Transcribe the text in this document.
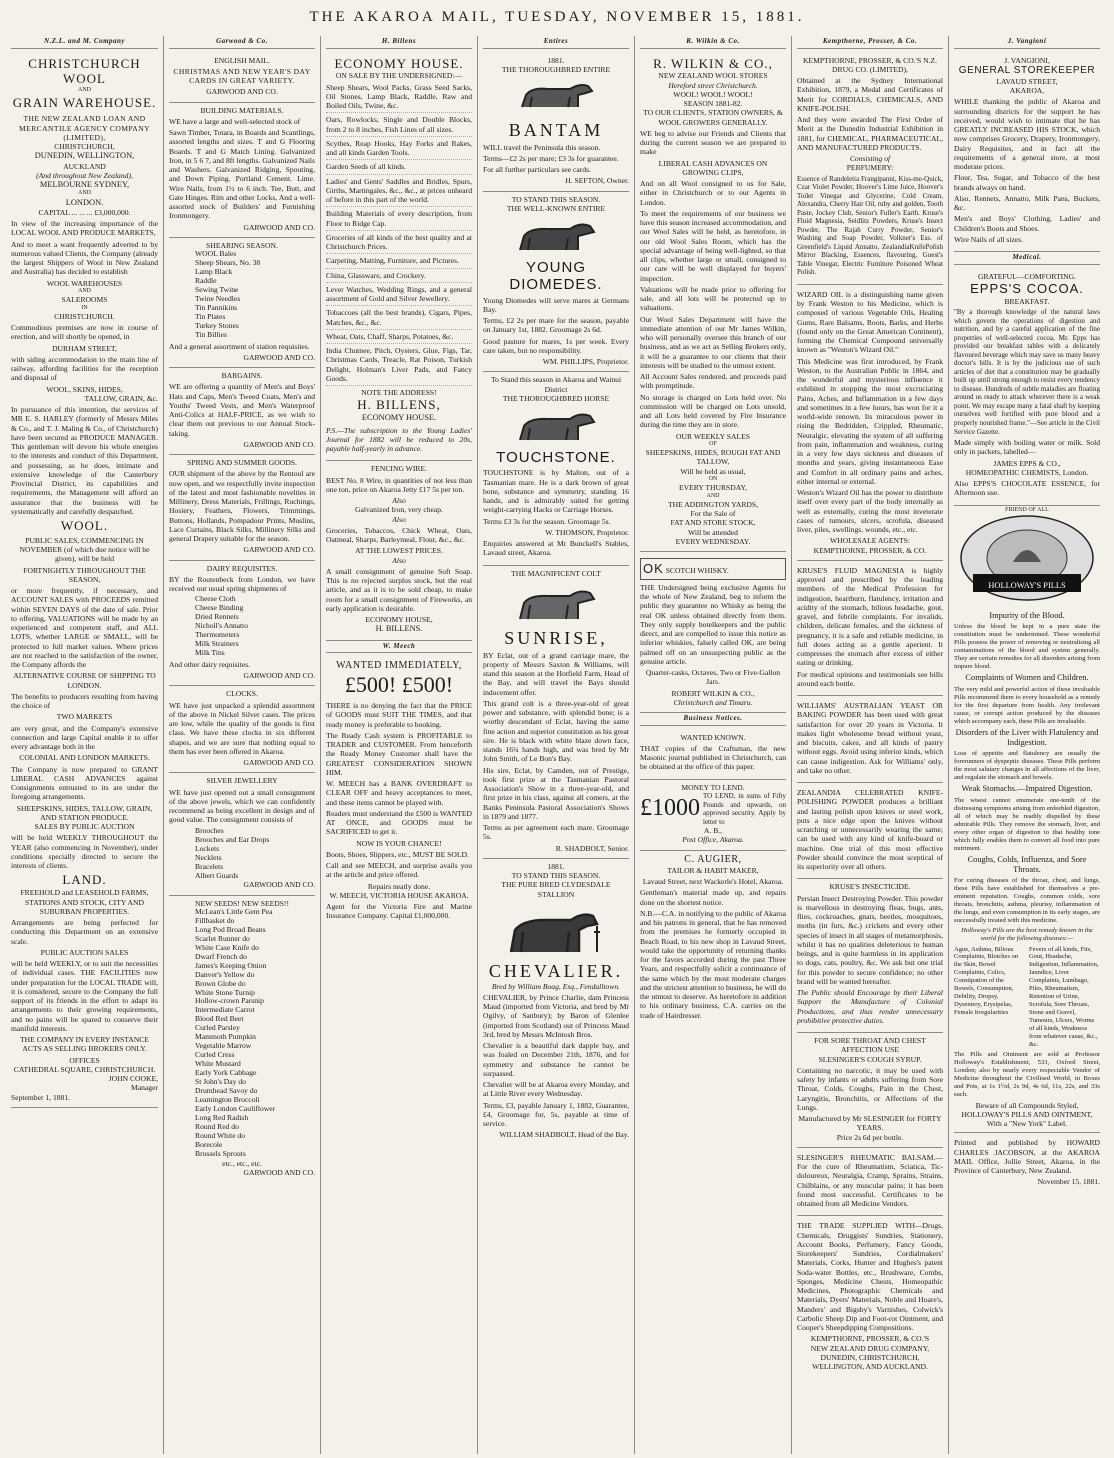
THE AKAROA MAIL, TUESDAY, NOVEMBER 15, 1881.
N.Z.L. and M. Company
CHRISTCHURCH WOOL
AND
GRAIN WAREHOUSE.
THE NEW ZEALAND LOAN AND MERCANTILE AGENCY COMPANY (LIMITED),
CHRISTCHURCH,
DUNEDIN, WELLINGTON,
AUCKLAND
(And throughout New Zealand),
MELBOURNE SYDNEY,
AND
LONDON.
CAPITAL ... ... ... £3,000,000.

In view of the increasing importance of the LOCAL WOOL AND PRODUCE MARKETS,

And to meet a want frequently adverted to by numerous valued Clients, the Company (already the largest Shippers of Wool in New Zealand and Australia) has decided to establish

WOOL WAREHOUSES
AND
SALEROOMS
IN
CHRISTCHURCH.

Commodious premises are now in course of erection, and will shortly be opened, in

DURHAM STREET,

with siding accommodation to the main line of railway, affording facilities for the reception and disposal of

WOOL, SKINS, HIDES,
TALLOW, GRAIN, &c.

In pursuance of this intention, the services of MR E. S. HARLEY (formerly of Messrs Miles & Co., and T. J. Maling & Co., of Christchurch) have been secured as PRODUCE MANAGER. This gentleman will devote his whole energies to the interests and conduct of this Department, and possessing, as he does, intimate and extensive knowledge of the Canterbury Provincial District, its capabilities and requirements, the Management will afford an assurance that the business will be systematically and carefully despatched.

WOOL.

PUBLIC SALES, COMMENCING IN NOVEMBER (of which due notice will be given), will be held

FORTNIGHTLY THROUGHOUT THE SEASON,

or more frequently, if necessary, and ACCOUNT SALES with PROCEEDS remitted within SEVEN DAYS of the date of sale. Prior to offering, VALUATIONS will be made by an experienced and competent staff, and ALL LOTS, whether LARGE or SMALL, will be protected to full market values. Where prices are not reached to the satisfaction of the owner, the Company affords the

ALTERNATIVE COURSE OF SHIPPING TO LONDON.

The benefits to producers resulting from having the choice of

TWO MARKETS

are very great, and the Company's extensive connection and large Capital enable it to offer every advantage both in the

COLONIAL AND LONDON MARKETS.

The Company is now prepared to GRANT LIBERAL CASH ADVANCES against Consignments entrusted to its are under the foregoing arrangements.

SHEEPSKINS, HIDES, TALLOW, GRAIN, AND STATION PRODUCE.
SALES BY PUBLIC AUCTION

will be held WEEKLY THROUGHOUT the YEAR (also commencing in November), under conditions specially directed to secure the interests of clients.

LAND.
FREEHOLD and LEASEHOLD FARMS, STATIONS AND STOCK, CITY AND SUBURBAN PROPERTIES.

Arrangements are being perfected for conducting this Department on an extensive scale.

PUBLIC AUCTION SALES

will be held WEEKLY, or to suit the necessities of individual cases. THE FACILITIES now under preparation for the LOCAL TRADE will, it is considered, secure to the Company the full support of its friends in the effort to adapt its arrangements to their growing requirements, and no pains will be spared to conserve their manifold interests.

THE COMPANY IN EVERY INSTANCE ACTS AS SELLING BROKERS ONLY.

OFFICES
CATHEDRAL SQUARE, CHRISTCHURCH.
JOHN COOKE,
Manager
September 1, 1881.
Garwood & Co.
ENGLISH MAIL.

CHRISTMAS AND NEW YEAR'S DAY CARDS IN GREAT VARIETY.

GARWOOD AND CO.
BUILDING MATERIALS.

WE have a large and well-selected stock of

Sawn Timber, Totara, in Boards and Scantlings, assorted lengths and sizes. T and G Flooring Boards. T and G Match Lining. Galvanized Iron, in 5 6 7, and 8ft lengths. Galvanized Nails and Washers. Galvanized Ridging, Spouting, and Down Piping. Portland Cement. Lime. Wire Nails, from 1½ to 6 inch. Tee, Butt, and Gate Hinges. Rim and other Locks, And a well-assorted stock of Builders' and Furnishing Ironmongery.

GARWOOD AND CO.
SHEARING SEASON.
WOOL Bales
Sheep Shears, No. 38
Lamp Black
Raddle
Sewing Twine
Twine Needles
Tin Pannikins
Tin Plates
Turkey Stones
Tin Billies

And a general assortment of station requisites.

GARWOOD AND CO.
BARGAINS.

WE are offering a quantity of Men's and Boys' Hats and Caps, Men's Tweed Coats, Men's and Youths' Tweed Vests, and Men's Waterproof Anti-Colics at HALF-PRICE, as we wish to clear them out previous to our Annual Stock-taking.

GARWOOD AND CO.
SPRING AND SUMMER GOODS.

OUR shipment of the above by the Rentoul are now open, and we respectfully invite inspection of the latest and most fashionable novelties in Millinery, Dress Materials, Frillings, Ruchings, Hosiery, Feathers, Flowers, Trimmings, Buttons, Hollands, Pompadour Prints, Muslins, Lace Curtains, Black Silks, Millinery Silks and general Drapery suitable for the season.

GARWOOD AND CO.
DAIRY REQUISITES.

BY the Routenbeck from London, we have received our usual spring shipments of

Cheese Cloth
Cheese Binding
Dried Rennets
Nicholl's Annatto
Thermometers
Milk Strainers
Milk Tins

And other dairy requisites.

GARWOOD AND CO.
CLOCKS.

WE have just unpacked a splendid assortment of the above in Nickel Silver cases. The prices are low, while the quality of the goods is first class. We have these clocks in six different shapes, and we are sure that nothing equal to them has ever been offered in Akaroa.

GARWOOD AND CO.
SILVER JEWELLERY

WE have just opened out a small consignment of the above jewels, which we can confidently recommend as being excellent in design and of good value. The consignment consists of

Brooches
Brooches and Ear Drops
Lockets
Necklets
Bracelets
Albert Guards
GARWOOD AND CO.
NEW SEEDS! NEW SEEDS!!
McLean's Little Gem Pea
Fillbasket do
Long Pod Broad Beans
Scarlet Runner do
White Case Knife do
Dwarf French do
James's Keeping Onion
Danver's Yellow do
Brown Globe do
White Stone Turnip
Hollow-crown Parsnip
Intermediate Carrot
Blood Red Beet
Curled Parsley
Mammoth Pumpkin
Vegetable Marrow
Curled Cress
White Mustard
Early York Cabbage
St John's Day do
Drumhead Savoy do
Leamington Broccoli
Early London Cauliflower
Long Red Radish
Round Red do
Round White do
Borecole
Brussels Sprouts
etc., etc., etc.
GARWOOD AND CO.
H. Billens
ECONOMY HOUSE.
ON SALE BY THE UNDERSIGNED:—

Sheep Shears, Wool Packs, Grass Seed Sacks, Oil Stones, Lamp Black, Raddle, Raw and Boiled Oils, Twine, &c.

Oars, Rowlocks, Single and Double Blocks, from 2 to 8 inches, Fish Lines of all sizes.

Scythes, Reap Hooks, Hay Forks and Rakes, and all kinds Garden Tools.

Garden Seeds of all kinds.

Ladies' and Gents' Saddles and Bridles, Spurs, Girths, Martingales, &c., &c., at prices unheard of before in this part of the world.

Building Materials of every description, from Floor to Ridge Cap.

Groceries of all kinds of the best quality and at Christchurch Prices.

Carpeting, Matting, Furniture, and Pictures.

China, Glassware, and Crockery.

Lever Watches, Wedding Rings, and a general assortment of Gold and Silver Jewellery.

Tobaccoes (all the best brands), Cigars, Pipes, Matches, &c., &c.

Wheat, Oats, Chaff, Sharps, Potatoes, &c.

India Chutnee, Pitch, Oysters, Glue, Figs, Tar, Christmas Cards, Treacle, Rat Poison, Turkish Delight, Holman's Liver Pads, and Fancy Goods.

NOTE THE ADDRESS!
H. BILLENS,
ECONOMY HOUSE.

P.S.—The subscription to the Young Ladies' Journal for 1882 will be reduced to 20s, payable half-yearly in advance.

FENCING WIRE.

BEST No. 8 Wire, in quantities of not less than one ton, price on Akaroa Jetty £17 5s per ton.

Also
Galvanized Iron, very cheap.
Also

Groceries, Tobaccos, Chick Wheat, Oats, Oatmeal, Sharps, Barleymeal, Flour, &c., &c.

AT THE LOWEST PRICES.
Also

A small consignment of genuine Soft Soap. This is no rejected surplus stock, but the real article, and as it is to be sold cheap, to make room for a small consignment of Fireworks, an early application is desirable.

ECONOMY HOUSE,
H. BILLENS.
W. Meech
WANTED IMMEDIATELY,
£500! £500!

THERE is no denying the fact that the PRICE of GOODS must SUIT THE TIMES, and that ready money is preferable to booking.

The Ready Cash system is PROFITABLE to TRADER and CUSTOMER. From henceforth the Ready Money Customer shall have the GREATEST CONSIDERATION SHOWN HIM.

W. MEECH has a BANK OVERDRAFT to CLEAR OFF and heavy acceptances to meet, and these items cannot be played with.

Readers must understand the £500 is WANTED AT ONCE, and GOODS must be SACRIFICED to get it.

NOW IS YOUR CHANCE!

Boots, Shoes, Slippers, etc., MUST BE SOLD.

Call and see MEECH, and surprise avails you at the article and price offered.

Repairs neatly done.
W. MEECH, VICTORIA HOUSE AKAROA.

Agent for the Victoria Fire and Marine Insurance Company. Capital £1,000,000.

Entires
1881.
THE THOROUGHBRED ENTIRE
BANTAM

WILL travel the Peninsula this season.

Terms—£2 2s per mare; £3 3s for guarantee.

For all further particulars see cards.

H. SEFTON, Owner.
TO STAND THIS SEASON.
THE WELL-KNOWN ENTIRE
YOUNG DIOMEDES.

Young Diomedes will serve mares at Germans Bay.

Terms, £2 2s per mare for the season, payable on January 1st, 1882. Groomage 2s 6d.

Good pasture for mares, 1s per week. Every care taken, but no responsibility.

WM. PHILLIPS, Proprietor.
To Stand this season in Akaroa and Wainui District
THE THOROUGHBRED HORSE
TOUCHSTONE.

TOUCHSTONE is by Malton, out of a Tasmanian mare. He is a dark brown of great bone, substance and symmetry, standing 16 hands, and is admirably suited for getting weight-carrying Hacks or Carriage Horses.

Terms £3 3s for the season. Groomage 5s.

W. THOMSON, Proprietor.

Enquiries answered at Mr Bunckell's Stables, Lavaud street, Akaroa.

THE MAGNIFICENT COLT
SUNRISE,

BY Eclat, out of a grand carriage mare, the property of Messrs Saxton & Williams, will stand this season at the Hotfield Farm, Head of the Bay, and will travel the Bays should inducement offer.

This grand colt is a three-year-old of great power and substance, with splendid bone; is a worthy descendant of Eclat, having the same fine action and superior constitution as his great sire. He is black with white blaze down face, stands 16¼ hands high, and was bred by Mr John Smith, of Le Bon's Bay.

His sire, Eclat, by Camden, out of Prestige, took first prize at the Tasmanian Pastoral Association's Show in a three-year-old, and first prize in his class, against all comers, at the Banks Peninsula Pastoral Association's Shows in 1879 and 1877.

Terms as per agreement each mare. Groomage 5s.

R. SHADBOLT, Senior.
1881.
TO STAND THIS SEASON.
THE PURE BRED CLYDESDALE STALLION
CHEVALIER.
Bred by William Boag, Esq., Fendalltown.

CHEVALIER, by Prince Charlie, dam Princess Maud (imported from Victoria, and bred by Mr Ogilvy, of Sanbury); by Baron of Glenlee (imported from Scotland) out of Princess Maud 3rd, bred by Messrs McIntosh Bros.

Chevalier is a beautiful dark dapple bay, and was foaled on December 21th, 1876, and for symmetry and substance he cannot be surpassed.

Chevalier will be at Akaroa every Monday, and at Little River every Wednesday.

Terms, £3, payable January 1, 1882, Guarantee, £4, Groomage for, 5s, payable at time of service.

WILLIAM SHADBOLT, Head of the Bay.
R. Wilkin & Co.
R. WILKIN & CO.,
NEW ZEALAND WOOL STORES
Hereford street Christchurch.
WOOL! WOOL! WOOL!
SEASON 1881-82.
TO OUR CLIENTS, STATION OWNERS, & WOOL GROWERS GENERALLY.

WE beg to advise our Friends and Clients that during the current season we are prepared to make

LIBERAL CASH ADVANCES ON GROWING CLIPS,

And on all Wool consigned to us for Sale, either in Christchurch or to our Agents in London.

To meet the requirements of our business we have this season increased accommodation, and our Wool Sales will be held, as heretofore, in our old Wool Sales Room, which has the special advantage of being well-lighted, so that all clips, whether large or small, consigned to our care will be well displayed for buyers' inspection.

Valuations will be made prior to offering for sale, and all lots will be protected up to valuations.

Our Wool Sales Department will have the immediate attention of our Mr James Wilkin, who will personally oversee this branch of our business, and as we act as Selling Brokers only, it will be a guarantee to our clients that their interests will be studied to the utmost extent.

All Account Sales rendered, and proceeds paid with promptitude.

No storage is charged on Lots held over. No commission will be charged on Lots unsold, and all Lots held covered by Fire Insurance during the time they are in store.

OUR WEEKLY SALES
OF
SHEEPSKINS, HIDES, ROUGH FAT AND TALLOW,
Will be held as usual,
ON
EVERY THURSDAY,
AND
THE ADDINGTON YARDS,
For the Sale of
FAT AND STORE STOCK,
Will be attended
EVERY WEDNESDAY.
OK SCOTCH WHISKY.

THE Undersigned being exclusive Agents for the whole of New Zealand, beg to inform the public they guarantee no Whisky as being the real OK unless obtained directly from them. They only supply hotelkeepers and the public direct, and are compelled to issue this notice as inferior whiskies, falsely called OK, are being palmed off on an unsuspecting public as the genuine article.

Quarter-casks, Octaves, Two or Five-Gallon Jars.

ROBERT WILKIN & CO.,
Christchurch and Timaru.
Business Notices.
WANTED KNOWN.

THAT copies of the Craftsman, the new Masonic journal published in Christchurch, can be obtained at the office of this paper.

MONEY TO LEND.
£1000 TO LEND, in sums of Fifty Pounds and upwards, on approved security. Apply by letter to
A. B.,
Post Office, Akaroa.
C. AUGIER,
TAILOR & HABIT MAKER,

Lavaud Street, next Wackerle's Hotel, Akaroa.

Gentleman's material made up, and repairs done on the shortest notice.

N.B.—C.A. in notifying to the public of Akaroa and his patrons in general, that he has removed from the premises he formerly occupied in Beach Road, to his new shop in Lavaud Street, would take the opportunity of returning thanks for the favors accorded during the past Three Years, and respectfully solicit a continuance of the same which by the most moderate charges and the strictest attention to business, he will do the utmost to deserve. As heretofore in addition to his ordinary business, C.A. carries on the trade of Hairdresser.

Kempthorne, Prosser, & Co.
KEMPTHORNE, PROSSER, & CO.'S N.Z. DRUG CO. (LIMITED),

Obtained at the Sydney International Exhibition, 1879, a Medal and Certificates of Merit for CORDIALS, CHEMICALS, AND KNIFE-POLISH.

And they were awarded The First Order of Merit at the Dunedin Industrial Exhibition in 1881, for CHEMICAL, PHARMACEUTICAL, AND MANUFACTURED PRODUCTS.

Consisting of
PERFUMERY:

Essence of Randeletia Frangipanni, Kiss-me-Quick, Czar Violet Powder, Hoover's Lime Juice, Hoover's Toilet Vinegar and Glycerine, Cold Cream, Alexandra, Cherry Hair Oil, ruby and golden, Tooth Paste, Jockey Club, Senior's Fuller's Earth. Kruse's Fluid Magnesia, Seidlitz Powders, Kruse's Insect Powder, The Rajah Curry Powder, Senior's Washing and Soap Powder, Volkner's Ess. of Greenfield's Liquid Annatto, ZealandiaKnifePolish Mirror Blacking, Essences, flavouring, Guest's Table Vinegar, Electric Furniture Poisoned Wheat Polish.

WIZARD OIL is a distinguishing name given by Frank Weston to his Medicine, which is composed of various Vegetable Oils, Healing Gums, Rare Balsams, Roots, Barks, and Herbs (found only on the Great American Continent), forming the Chemical Compound universally known as "Weston's Wizard Oil."

This Medicine was first introduced, by Frank Weston, to the Australian Public in 1864, and the wonderful and mysterious influence it exhibited in stopping the most excruciating Pains, Aches, and Inflammation in a few days and sometimes in a few hours, has won for it a world-wide renown. Its miraculous power in rising the Bedridden, Crippled, Rheumatic, Neuralgic, elevating the system of all suffering from pain, inflammation and weakness, curing in a very few days sickness and diseases of months and years, giving instantaneous Ease and Comfort in all ordinary pains and aches, either internal or external.

Weston's Wizard Oil has the power to distribute itself over every part of the body internally as well as externally, curing the most inveterate cases of tumours, ulcers, scrofula, diseased liver, piles, swellings, wounds, etc., etc.

WHOLESALE AGENTS:
KEMPTHORNE, PROSSER, & CO.

KRUSE'S FLUID MAGNESIA is highly approved and prescribed by the leading members of the Medical Profession for indigestion, heartburn, flatulency, irritation and acidity of the stomach, bilious headache, gout, gravel, and febrile complaints. For invalids, children, delicate females, and the sickness of pregnancy, it is a safe and reliable medicine, in full doses acting as a gentle aperient. It compresses the stomach after excess of either eating or drinking.

For medical opinions and testimonials see bills around each bottle.

WILLIAMS' AUSTRALIAN YEAST OR BAKING POWDER has been used with great satisfaction for over 20 years in Victoria. It makes light wholesome bread without yeast, and biscuits, cakes, and all kinds of pastry without eggs. Avoid using inferior kinds, which can cause indigestion. Ask for Williams' only, and take no other.

ZEALANDIA CELEBRATED KNIFE-POLISHING POWDER produces a brilliant and lasting polish upon knives or steel work, puts a nice edge upon the knives without scratching or unnecessarily wearing the same; can be used with any kind of knife-board or machine. One trial of this most effective Powder should convince the most sceptical of its superiority over all others.

KRUSE'S INSECTICIDE.

Persian Insect Destroying Powder. This powder is marvellous in destroying fleas, bugs, ants, flies, cockroaches, gnats, beetles, mosquitoes, moths (in furs, &c.) crickets and every other species of insect in all stages of metamorphosis, whilst it has no qualities deleterious to human beings, and is quite harmless in its application to dogs, cats, poultry, &c. We ask but one trial for this powder to secure confidence; no other brand will be wanted hereafter.

The Public should Encourage by their Liberal Support the Manufacture of Colonial Productions, and thus render unnecessary prohibitive protective duties.

FOR SORE THROAT AND CHEST AFFECTION USE
SLESINGER'S COUGH SYRUP.

Containing no narcotic, it may be used with safety by infants or adults suffering from Sore Throat, Colds, Coughs, Pain in the Chest, Laryngitis, Bronchitis, or Affections of the Lungs.

Manufactured by Mr SLESINGER for FORTY YEARS.
Price 2s 6d per bottle.

SLESINGER'S RHEUMATIC BALSAM.—For the cure of Rheumatism, Sciatica, Tic-doloureux, Neuralgia, Cramp, Sprains, Strains, Chilblains, or any muscular pains; it has been found most successful. Certificates to be obtained from all Medicine Vendors.

THE TRADE SUPPLIED WITH—Drugs, Chemicals, Druggists' Sundries, Stationery, Account Books, Perfumery, Fancy Goods, Storekeepers' Sundries, Cordialmakers' Materials, Corks, Hunter and Hughes's patent Soda-water Bottles, etc., Brushware, Combs, Sponges, Medicine Chests, Homeopathic Medicines, Photographic Chemicals and Materials, Dyers' Materials, Noble and Hoare's, Manders' and Bigsby's Varnishes, Colwick's Carbolic Sheep Dip and Foot-rot Ointment, and Cooper's Sheepdipping Compositions.

KEMPTHORNE, PROSSER, & CO.'S
NEW ZEALAND DRUG COMPANY,
DUNEDIN, CHRISTCHURCH, WELLINGTON, AND AUCKLAND.
J. Vangioni
J. VANGIONI,
GENERAL STOREKEEPER
LAVAUD STREET,
AKAROA,

WHILE thanking the public of Akaroa and surrounding districts for the support he has received, would wish to intimate that he has GREATLY INCREASED HIS STOCK, which now comprises Grocery, Drapery, Ironmongery, Dairy Requisites, and in fact all the requirements of a general store, at most moderate prices.

Flour, Tea, Sugar, and Tobacco of the best brands always on hand.

Also, Rennets, Annatto, Milk Pans, Buckets, &c.

Men's and Boys' Clothing, Ladies' and Children's Boots and Shoes.

Wire Nails of all sizes.

Medical.
GRATEFUL—COMFORTING.
EPPS'S COCOA.
BREAKFAST.

"By a thorough knowledge of the natural laws which govern the operations of digestion and nutrition, and by a careful application of the fine properties of well-selected cocoa, Mr. Epps has provided our breakfast tables with a delicately flavoured beverage which may save us many heavy doctor's bills. It is by the judicious use of such articles of diet that a constitution may be gradually built up until strong enough to resist every tendency to disease. Hundreds of subtle maladies are floating around us ready to attack wherever there is a weak point. We may escape many a fatal shaft by keeping ourselves well fortified with pure blood and a properly nourished frame."—See article in the Civil Service Gazette.

Made simply with boiling water or milk. Sold only in packets, labelled—

JAMES EPPS & CO.,
HOMEOPATHIC CHEMISTS, London.

Also EPPS'S CHOCOLATE ESSENCE, for Afternoon use.

FRIEND OF ALL
HOLLOWAY'S PILLS
Impurity of the Blood.

Unless the blood be kept in a pure state the constitution must be undermined. These wonderful Pills possess the power of removing or neutralising all contaminations of the blood and system generally. They are certain remedies for all disorders arising from impure blood.

Complaints of Women and Children.

The very mild and powerful action of these invaluable Pills recommend them to every household as a remedy for the first departure from health. Any irrelevant cause, or corrupt action produced by the diseases which accompany each, these Pills are invaluable.

Disorders of the Liver with Flatulency and Indigestion.

Loss of appetite and flatulency are usually the forerunners of dyspeptic diseases. These Pills perform the most salutary changes in all affections of the liver, and regulate the stomach and bowels.

Weak Stomachs.—Impaired Digestion.

The wisest cannot enumerate one-tenth of the distressing symptoms arising from enfeebled digestion, all of which may be readily dispelled by these admirable Pills. They remove the stomach, liver, and every other organ of digestion to that healthy tone which fully enables them to convert all food into pure nutriment.

Coughs, Colds, Influenza, and Sore Throats.

For curing diseases of the throat, chest, and lungs, these Pills have established for themselves a pre-eminent reputation. Coughs, common colds, sore throats, bronchitis, asthma, pleurisy, inflammation of the lungs, and even consumption in its early stages, are successfully treated with this medicine.

Holloway's Pills are the best remedy known in the world for the following diseases:—

Ague, Asthma, Bilious Complaints, Blotches on the Skin, Bowel Complaints, Colics, Constipation of the Bowels, Consumption, Debility, Dropsy, Dysentery, Erysipelas, Female Irregularities
Fevers of all kinds, Fits, Gout, Headache, Indigestion, Inflammation, Jaundice, Liver Complaints, Lumbago, Piles, Rheumatism, Retention of Urine, Scrofula, Sore Throats, Stone and Gravel, Tumours, Ulcers, Worms of all kinds, Weakness from whatever cause, &c., &c.

The Pills and Ointment are sold at Professor Holloway's Establishment, 533, Oxford Street, London; also by nearly every respectable Vendor of Medicine throughout the Civilised World, in Boxes and Pots, at 1s 1½d, 2s 9d, 4s 6d, 11s, 22s, and 33s each.

Beware of all Compounds Styled,
HOLLOWAY'S PILLS AND OINTMENT,
With a "New York" Label.

Printed and published by HOWARD CHARLES JACOBSON, at the AKAROA MAIL Office, Jollie Street, Akaroa, in the Province of Canterbury, New Zealand.

November 15, 1881.
